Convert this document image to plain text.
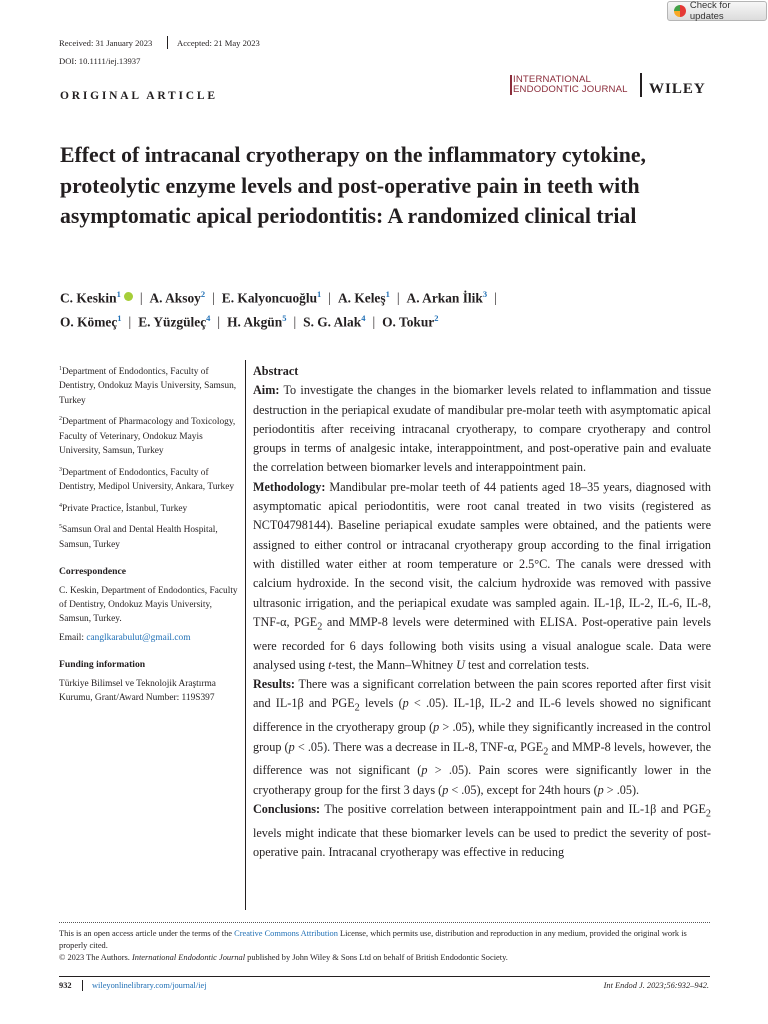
Check for updates
Received: 31 January 2023	Accepted: 21 May 2023
DOI: 10.1111/iej.13937
ORIGINAL ARTICLE
INTERNATIONAL
ENDODONTIC JOURNAL WILEY
Effect of intracanal cryotherapy on the inflammatory cytokine, proteolytic enzyme levels and post-operative pain in teeth with asymptomatic apical periodontitis: A randomized clinical trial
C. Keskin$^1$ | A. Aksoy$^2$ | E. Kalyoncuoğlu$^1$ | A. Keleş$^1$ | A. Arkan İlik$^3$ |
O. Kömeç$^1$ | E. Yüzgüleç$^4$ | H. Akgün$^5$ | S. G. Alak$^4$ | O. Tokur$^2$

$^1$Department of Endodontics, Faculty of Dentistry, Ondokuz Mayis University, Samsun, Turkey

$^2$Department of Pharmacology and Toxicology, Faculty of Veterinary, Ondokuz Mayis University, Samsun, Turkey

$^3$Department of Endodontics, Faculty of Dentistry, Medipol University, Ankara, Turkey

$^4$Private Practice, İstanbul, Turkey

$^5$Samsun Oral and Dental Health Hospital, Samsun, Turkey

Correspondence

C. Keskin, Department of Endodontics, Faculty of Dentistry, Ondokuz Mayis University, Samsun, Turkey.

Email: canglkarabulut@gmail.com

Funding information

Türkiye Bilimsel ve Teknolojik Araştırma Kurumu, Grant/Award Number: 119S397

Abstract

Aim: To investigate the changes in the biomarker levels related to inflammation and tissue destruction in the periapical exudate of mandibular pre-molar teeth with asymptomatic apical periodontitis after receiving intracanal cryotherapy, to compare cryotherapy and control groups in terms of analgesic intake, interappointment, and post-operative pain and evaluate the correlation between biomarker levels and interappointment pain.

Methodology: Mandibular pre-molar teeth of 44 patients aged 18–35 years, diagnosed with asymptomatic apical periodontitis, were root canal treated in two visits (registered as NCT04798144). Baseline periapical exudate samples were obtained, and the patients were assigned to either control or intracanal cryotherapy group according to the final irrigation with distilled water either at room temperature or 2.5°C. The canals were dressed with calcium hydroxide. In the second visit, the calcium hydroxide was removed with passive ultrasonic irrigation, and the periapical exudate was sampled again. IL-1β, IL-2, IL-6, IL-8, TNF-α, $PGE_2$ and MMP-8 levels were determined with ELISA. Post-operative pain levels were recorded for 6 days following both visits using a visual analogue scale. Data were analysed using t-test, the Mann–Whitney U test and correlation tests.

Results: There was a significant correlation between the pain scores reported after first visit and IL-1β and $PGE_2$ levels (p < .05). IL-1β, IL-2 and IL-6 levels showed no significant difference in the cryotherapy group (p > .05), while they significantly increased in the control group (p < .05). There was a decrease in IL-8, TNF-α, $PGE_2$ and MMP-8 levels, however, the difference was not significant (p > .05). Pain scores were significantly lower in the cryotherapy group for the first 3 days (p < .05), except for 24th hours (p > .05).

Conclusions: The positive correlation between interappointment pain and IL-1β and $PGE_2$ levels might indicate that these biomarker levels can be used to predict the severity of post-operative pain. Intracanal cryotherapy was effective in reducing

This is an open access article under the terms of the Creative Commons Attribution License, which permits use, distribution and reproduction in any medium, provided the original work is properly cited.

© 2023 The Authors. International Endodontic Journal published by John Wiley & Sons Ltd on behalf of British Endodontic Society.
932 wileyonlinelibrary.com/journal/iej	Int Endod J. 2023;56:932–942.
